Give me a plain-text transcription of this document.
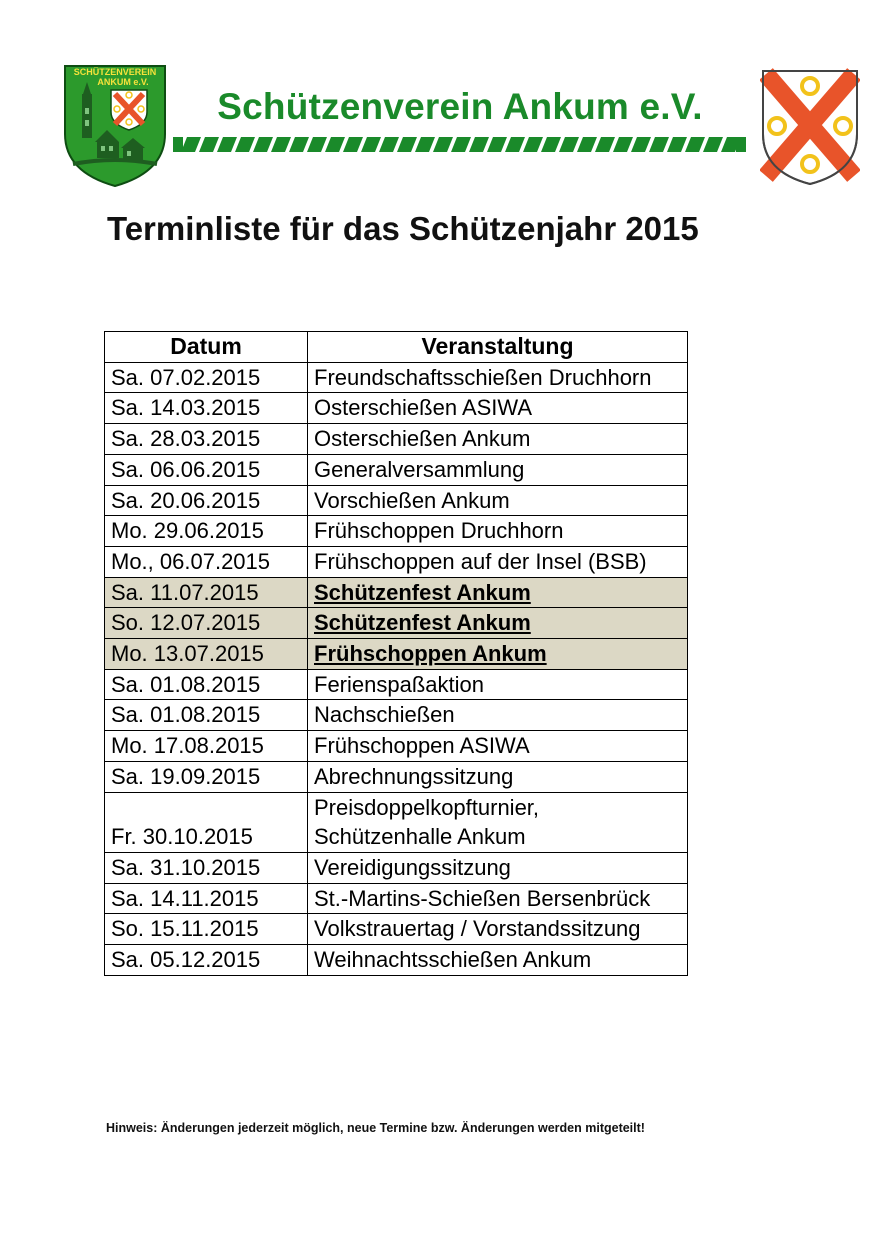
SCHÜTZENVEREIN
ANKUM e.V.
Schützenverein Ankum e.V.
Terminliste für das Schützenjahr 2015
Datum	Veranstaltung
Sa. 07.02.2015	Freundschaftsschießen Druchhorn
Sa. 14.03.2015	Osterschießen ASIWA
Sa. 28.03.2015	Osterschießen Ankum
Sa. 06.06.2015	Generalversammlung
Sa. 20.06.2015	Vorschießen Ankum
Mo. 29.06.2015	Frühschoppen Druchhorn
Mo., 06.07.2015	Frühschoppen auf der Insel (BSB)
Sa. 11.07.2015	Schützenfest Ankum
So. 12.07.2015	Schützenfest Ankum
Mo. 13.07.2015	Frühschoppen Ankum
Sa. 01.08.2015	Ferienspaßaktion
Sa. 01.08.2015	Nachschießen
Mo. 17.08.2015	Frühschoppen ASIWA
Sa. 19.09.2015	Abrechnungssitzung
Fr. 30.10.2015	Preisdoppelkopfturnier, Schützenhalle Ankum
Sa. 31.10.2015	Vereidigungssitzung
Sa. 14.11.2015	St.-Martins-Schießen Bersenbrück
So. 15.11.2015	Volkstrauertag / Vorstandssitzung
Sa. 05.12.2015	Weihnachtsschießen Ankum
Hinweis: Änderungen jederzeit möglich, neue Termine bzw. Änderungen werden mitgeteilt!
